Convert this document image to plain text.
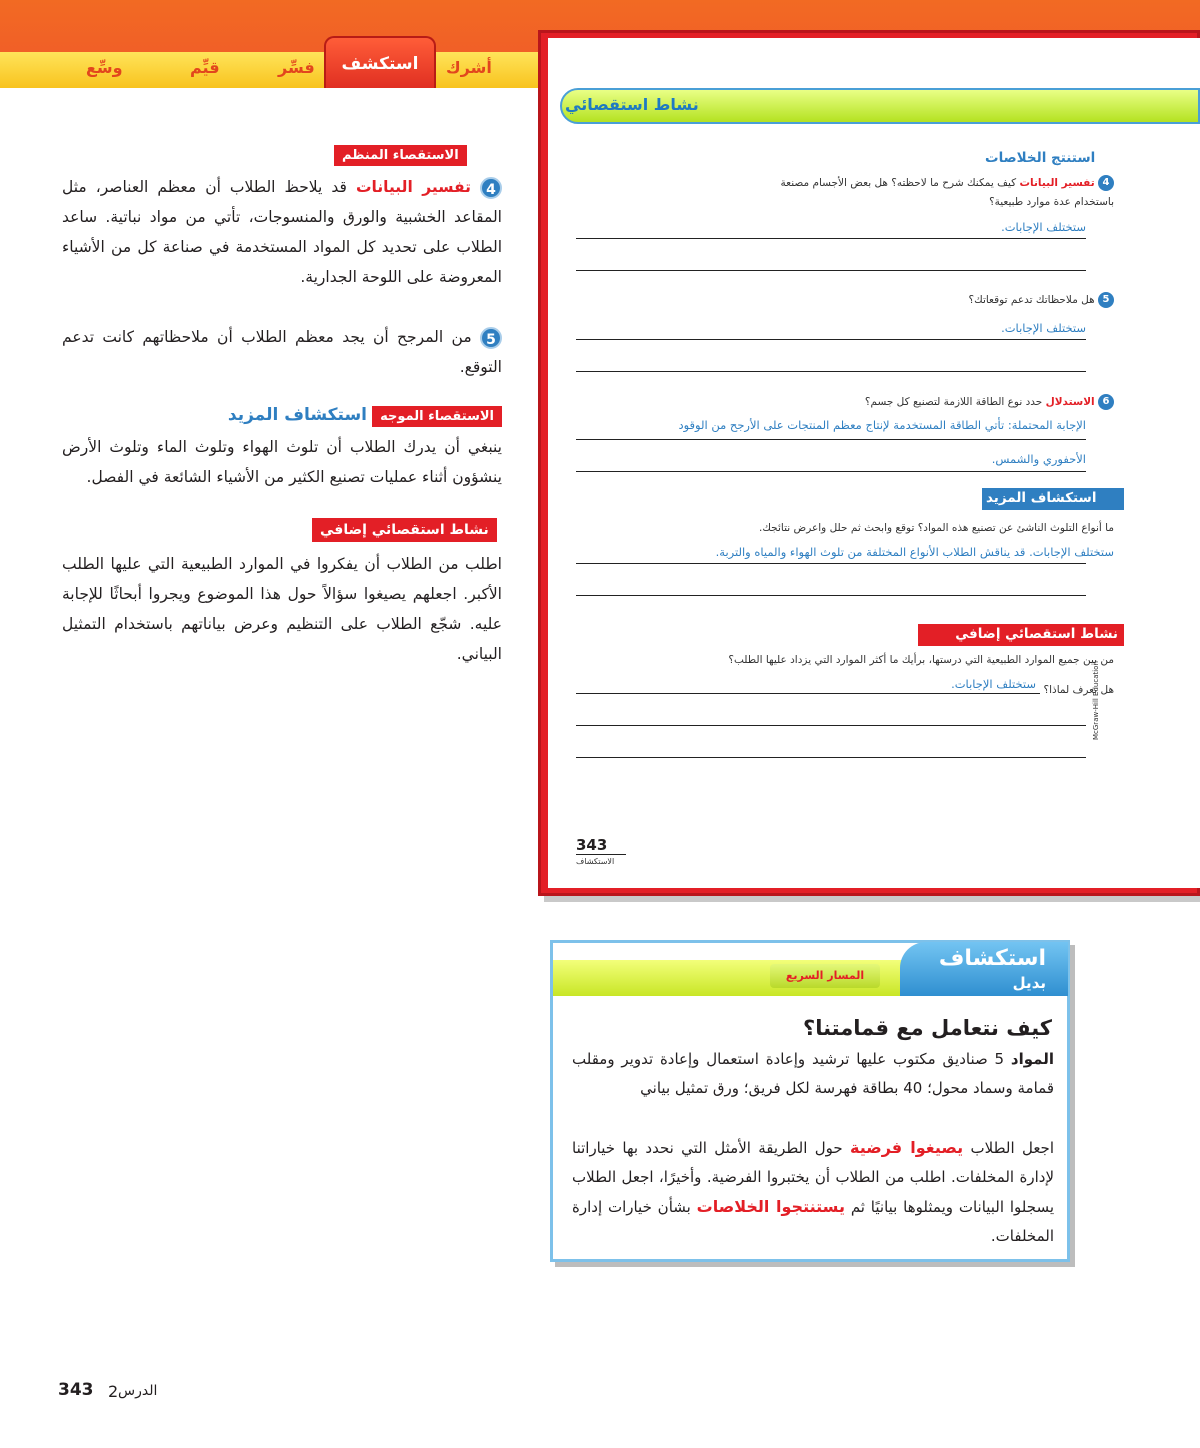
أشرك
استكشف
فسِّر
قيِّم
وسِّع
الاستقصاء المنظم
4 تفسير البيانات قد يلاحظ الطلاب أن معظم العناصر، مثل المقاعد الخشبية والورق والمنسوجات، تأتي من مواد نباتية. ساعد الطلاب على تحديد كل المواد المستخدمة في صناعة كل من الأشياء المعروضة على اللوحة الجدارية.
5 من المرجح أن يجد معظم الطلاب أن ملاحظاتهم كانت تدعم التوقع.
الاستقصاء الموجه استكشاف المزيد
ينبغي أن يدرك الطلاب أن تلوث الهواء وتلوث الماء وتلوث الأرض ينشؤون أثناء عمليات تصنيع الكثير من الأشياء الشائعة في الفصل.
نشاط استقصائي إضافي
اطلب من الطلاب أن يفكروا في الموارد الطبيعية التي عليها الطلب الأكبر. اجعلهم يصيغوا سؤالاً حول هذا الموضوع ويجروا أبحاثًا للإجابة عليه. شجّع الطلاب على التنظيم وعرض بياناتهم باستخدام التمثيل البياني.
نشاط استقصائي
استنتج الخلاصات
4 تفسير البيانات كيف يمكنك شرح ما لاحظته؟ هل بعض الأجسام مصنعة
باستخدام عدة موارد طبيعية؟
ستختلف الإجابات.
5 هل ملاحظاتك تدعم توقعاتك؟
ستختلف الإجابات.
6 الاستدلال حدد نوع الطاقة اللازمة لتصنيع كل جسم؟
الإجابة المحتملة: تأتي الطاقة المستخدمة لإنتاج معظم المنتجات على الأرجح من الوقود
الأحفوري والشمس.
استكشاف المزيد
ما أنواع التلوث الناشئ عن تصنيع هذه المواد؟ توقع وابحث ثم حلل واعرض نتائجك.
ستختلف الإجابات. قد يناقش الطلاب الأنواع المختلفة من تلوث الهواء والمياه والتربة.
نشاط استقصائي إضافي
من بين جميع الموارد الطبيعية التي درستها، برأيك ما أكثر الموارد التي يزداد عليها الطلب؟
هل تعرف لماذا؟
ستختلف الإجابات.
343
الاستكشاف
McGraw-Hill Education
استكشاف
بديل
المسار السريع
كيف نتعامل مع قمامتنا؟
المواد 5 صناديق مكتوب عليها ترشيد وإعادة استعمال وإعادة تدوير ومقلب قمامة وسماد محول؛ 40 بطاقة فهرسة لكل فريق؛ ورق تمثيل بياني
اجعل الطلاب يصيغوا فرضية حول الطريقة الأمثل التي نحدد بها خياراتنا لإدارة المخلفات. اطلب من الطلاب أن يختبروا الفرضية. وأخيرًا، اجعل الطلاب يسجلوا البيانات ويمثلوها بيانيًا ثم يستنتجوا الخلاصات بشأن خيارات إدارة المخلفات.
343 2 الدرس
